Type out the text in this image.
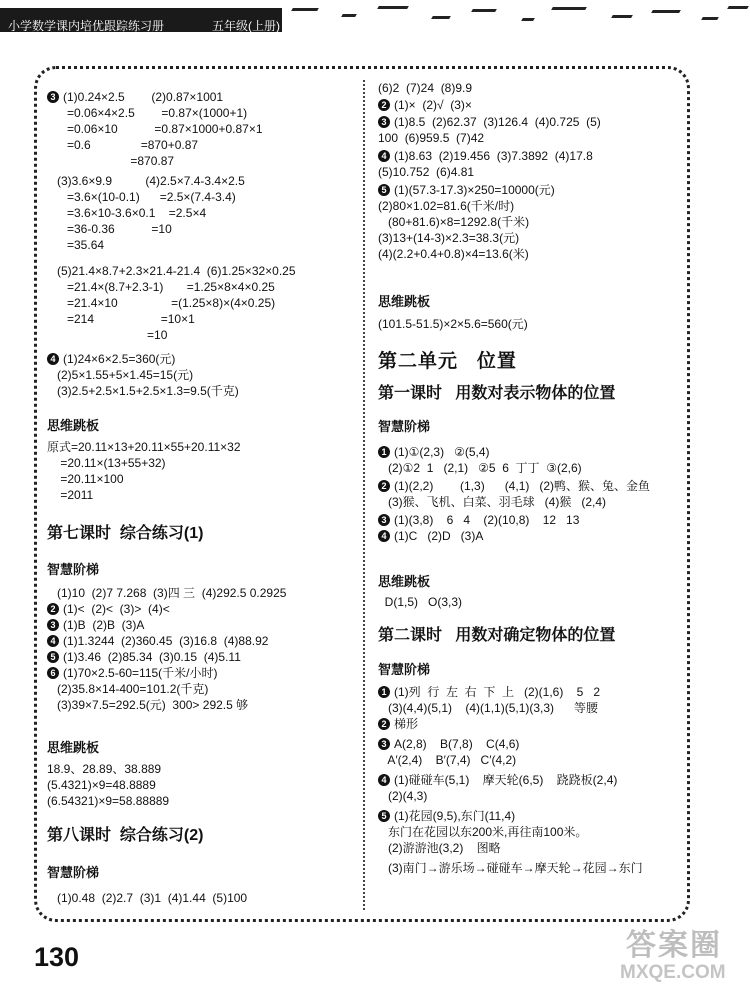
小学数学课内培优跟踪练习册	五年级(上册)
3 (1)0.24×2.5        (2)0.87×1001
=0.06×4×2.5        =0.87×(1000+1)
=0.06×10           =0.87×1000+0.87×1
=0.6               =870+0.87
=870.87
(3)3.6×9.9          (4)2.5×7.4-3.4×2.5
=3.6×(10-0.1)      =2.5×(7.4-3.4)
=3.6×10-3.6×0.1    =2.5×4
=36-0.36           =10
=35.64
(5)21.4×8.7+2.3×21.4-21.4  (6)1.25×32×0.25
=21.4×(8.7+2.3-1)       =1.25×8×4×0.25
=21.4×10                =(1.25×8)×(4×0.25)
=214                    =10×1
=10
4 (1)24×6×2.5=360(元)
(2)5×1.55+5×1.45=15(元)
(3)2.5+2.5×1.5+2.5×1.3=9.5(千克)
思维跳板
原式=20.11×13+20.11×55+20.11×32
=20.11×(13+55+32)
=20.11×100
=2011
第七课时  综合练习(1)
智慧阶梯
(1)10  (2)7 7.268  (3)四 三  (4)292.5 0.2925
2 (1)<  (2)<  (3)>  (4)<
3 (1)B  (2)B  (3)A
4 (1)1.3244  (2)360.45  (3)16.8  (4)88.92
5 (1)3.46  (2)85.34  (3)0.15  (4)5.11
6 (1)70×2.5-60=115(千米/小时)
(2)35.8×14-400=101.2(千克)
(3)39×7.5=292.5(元)  300> 292.5 够
思维跳板
18.9、28.89、38.889
(5.4321)×9=48.8889
(6.54321)×9=58.88889
第八课时  综合练习(2)
智慧阶梯
(1)0.48  (2)2.7  (3)1  (4)1.44  (5)100
(6)2  (7)24  (8)9.9
2 (1)×  (2)√  (3)×
3 (1)8.5  (2)62.37  (3)126.4  (4)0.725  (5)
100  (6)959.5  (7)42
4 (1)8.63  (2)19.456  (3)7.3892  (4)17.8
(5)10.752  (6)4.81
5 (1)(57.3-17.3)×250=10000(元)
(2)80×1.02=81.6(千米/时)
(80+81.6)×8=1292.8(千米)
(3)13+(14-3)×2.3=38.3(元)
(4)(2.2+0.4+0.8)×4=13.6(米)
思维跳板
(101.5-51.5)×2×5.6=560(元)
第二单元   位置
第一课时   用数对表示物体的位置
智慧阶梯
1 (1)①(2,3)   ②(5,4)
(2)①2  1   (2,1)   ②5  6  丁丁  ③(2,6)
2 (1)(2,2)        (1,3)      (4,1)   (2)鸭、猴、兔、金鱼
(3)猴、飞机、白菜、羽毛球   (4)猴   (2,4)
3 (1)(3,8)    6   4    (2)(10,8)    12   13
4 (1)C   (2)D   (3)A
思维跳板
D(1,5)   O(3,3)
第二课时   用数对确定物体的位置
智慧阶梯
1 (1)列  行  左  右  下  上   (2)(1,6)    5   2
(3)(4,4)(5,1)    (4)(1,1)(5,1)(3,3)      等腰
2 梯形
3 A(2,8)    B(7,8)    C(4,6)
A′(2,4)    B′(7,4)   C′(4,2)
4 (1)碰碰车(5,1)    摩天轮(6,5)    跷跷板(2,4)
(2)(4,3)
5 (1)花园(9,5),东门(11,4)
东门在花园以东200米,再往南100米。
(2)游游池(3,2)    图略
(3)南门→游乐场→碰碰车→摩天轮→花园→东门
130	答案圈
MXQE.COM
